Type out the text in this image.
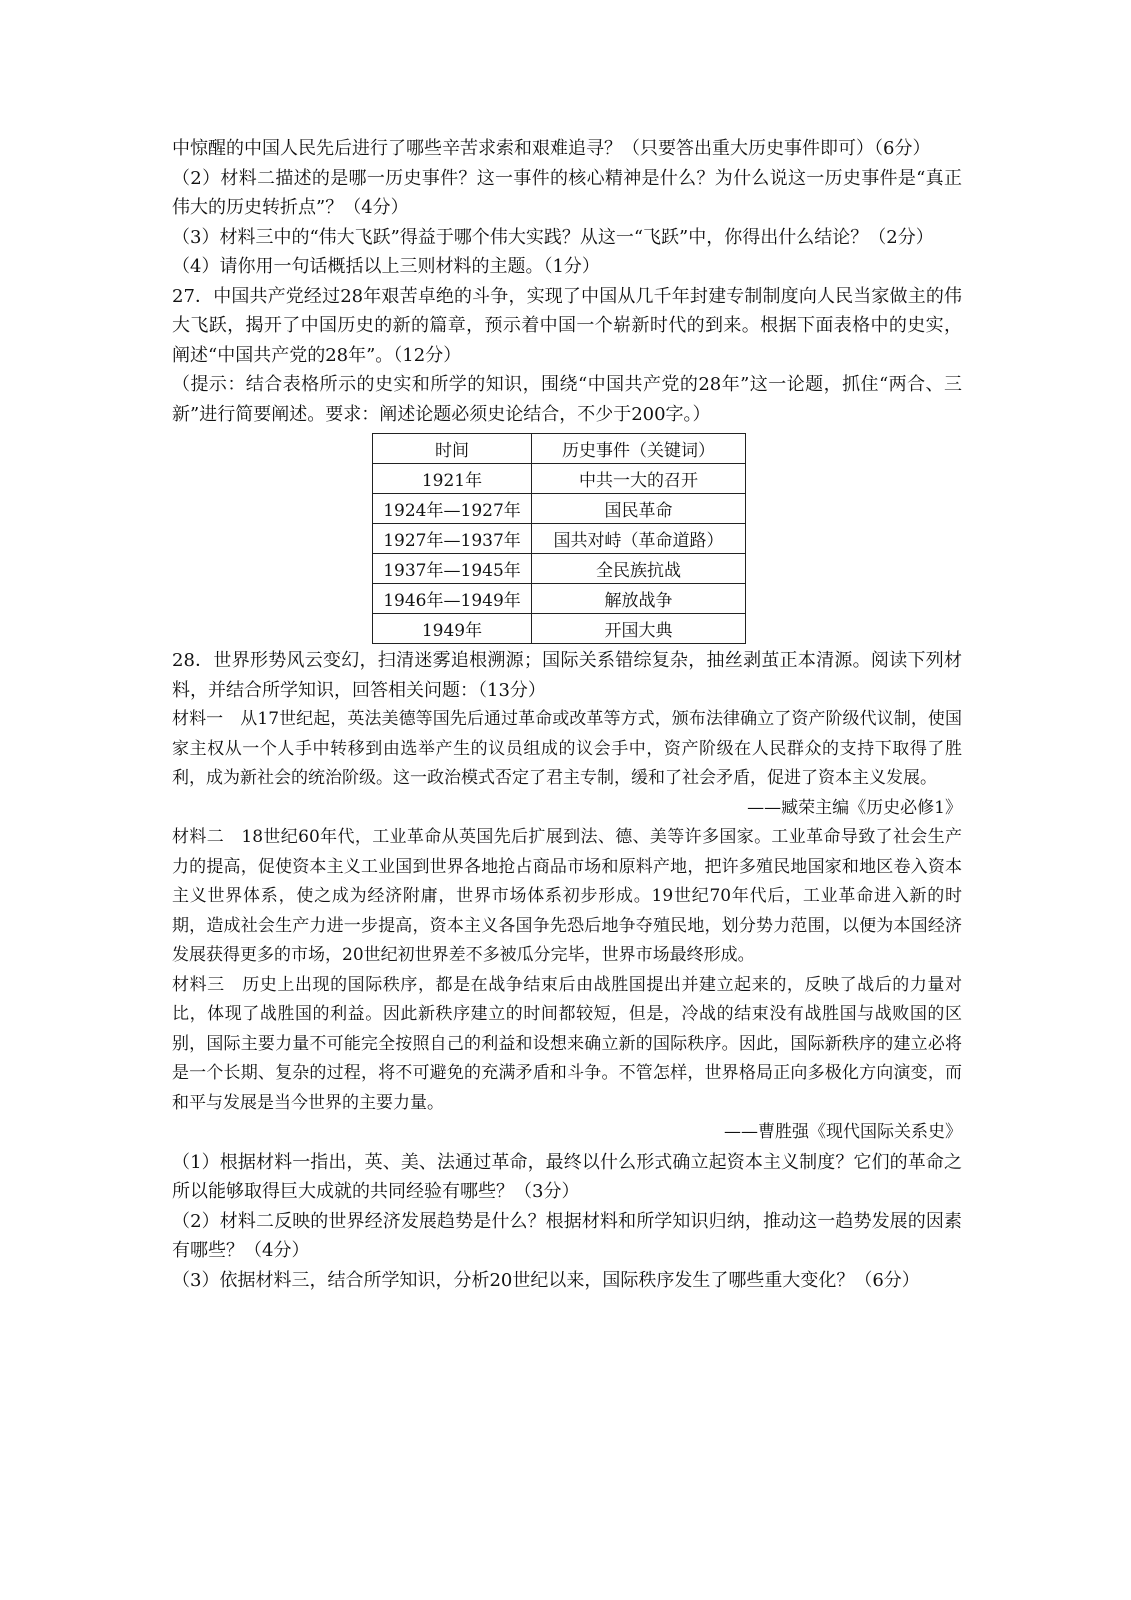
中惊醒的中国人民先后进行了哪些辛苦求索和艰难追寻？（只要答出重大历史事件即可）（6分）

（2）材料二描述的是哪一历史事件？这一事件的核心精神是什么？为什么说这一历史事件是“真正伟大的历史转折点”？（4分）

（3）材料三中的“伟大飞跃”得益于哪个伟大实践？从这一“飞跃”中，你得出什么结论？（2分）

（4）请你用一句话概括以上三则材料的主题。（1分）

27．中国共产党经过28年艰苦卓绝的斗争，实现了中国从几千年封建专制制度向人民当家做主的伟大飞跃，揭开了中国历史的新的篇章，预示着中国一个崭新时代的到来。根据下面表格中的史实，阐述“中国共产党的28年”。（12分）

（提示：结合表格所示的史实和所学的知识，围绕“中国共产党的28年”这一论题，抓住“两合、三新”进行简要阐述。要求：阐述论题必须史论结合，不少于200字。）

时间	历史事件（关键词）
1921年	中共一大的召开
1924年—1927年	国民革命
1927年—1937年	国共对峙（革命道路）
1937年—1945年	全民族抗战
1946年—1949年	解放战争
1949年	开国大典

28．世界形势风云变幻，扫清迷雾追根溯源；国际关系错综复杂，抽丝剥茧正本清源。阅读下列材料，并结合所学知识，回答相关问题：（13分）

材料一　从17世纪起，英法美德等国先后通过革命或改革等方式，颁布法律确立了资产阶级代议制，使国家主权从一个人手中转移到由选举产生的议员组成的议会手中，资产阶级在人民群众的支持下取得了胜利，成为新社会的统治阶级。这一政治模式否定了君主专制，缓和了社会矛盾，促进了资本主义发展。

——臧荣主编《历史必修1》

材料二　18世纪60年代，工业革命从英国先后扩展到法、德、美等许多国家。工业革命导致了社会生产力的提高，促使资本主义工业国到世界各地抢占商品市场和原料产地，把许多殖民地国家和地区卷入资本主义世界体系，使之成为经济附庸，世界市场体系初步形成。19世纪70年代后，工业革命进入新的时期，造成社会生产力进一步提高，资本主义各国争先恐后地争夺殖民地，划分势力范围，以便为本国经济发展获得更多的市场，20世纪初世界差不多被瓜分完毕，世界市场最终形成。

材料三　历史上出现的国际秩序，都是在战争结束后由战胜国提出并建立起来的，反映了战后的力量对比，体现了战胜国的利益。因此新秩序建立的时间都较短，但是，冷战的结束没有战胜国与战败国的区别，国际主要力量不可能完全按照自己的利益和设想来确立新的国际秩序。因此，国际新秩序的建立必将是一个长期、复杂的过程，将不可避免的充满矛盾和斗争。不管怎样，世界格局正向多极化方向演变，而和平与发展是当今世界的主要力量。

——曹胜强《现代国际关系史》

（1）根据材料一指出，英、美、法通过革命，最终以什么形式确立起资本主义制度？它们的革命之所以能够取得巨大成就的共同经验有哪些？（3分）

（2）材料二反映的世界经济发展趋势是什么？根据材料和所学知识归纳，推动这一趋势发展的因素有哪些？（4分）

（3）依据材料三，结合所学知识，分析20世纪以来，国际秩序发生了哪些重大变化？（6分）
